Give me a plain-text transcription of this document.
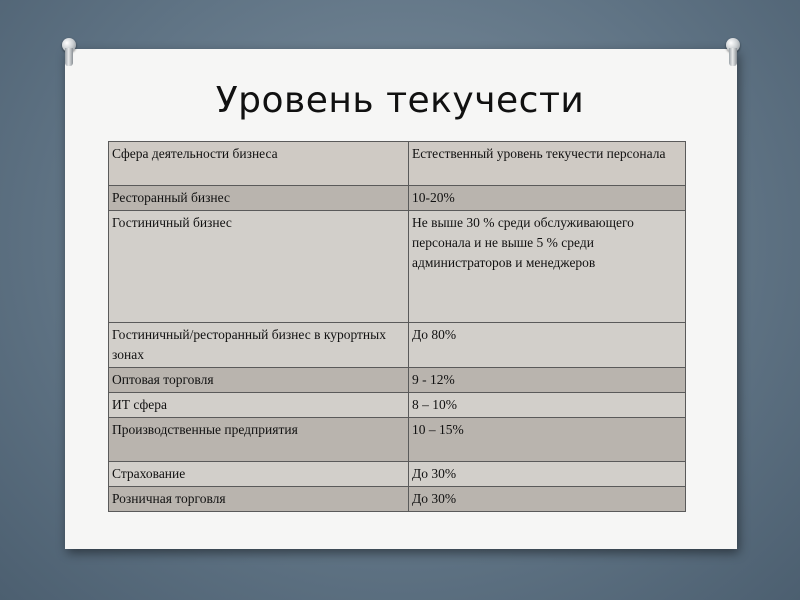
Уровень текучести
Сфера деятельности бизнеса	Естественный уровень текучести персонала
Ресторанный бизнес	10-20%
Гостиничный бизнес	Не выше 30 % среди обслуживающего персонала и не выше 5 % среди администраторов и менеджеров
Гостиничный/ресторанный бизнес в курортных зонах	До 80%
Оптовая торговля	9 - 12%
ИТ сфера	8 – 10%
Производственные предприятия	10 – 15%
Страхование	До 30%
Розничная торговля	До 30%
